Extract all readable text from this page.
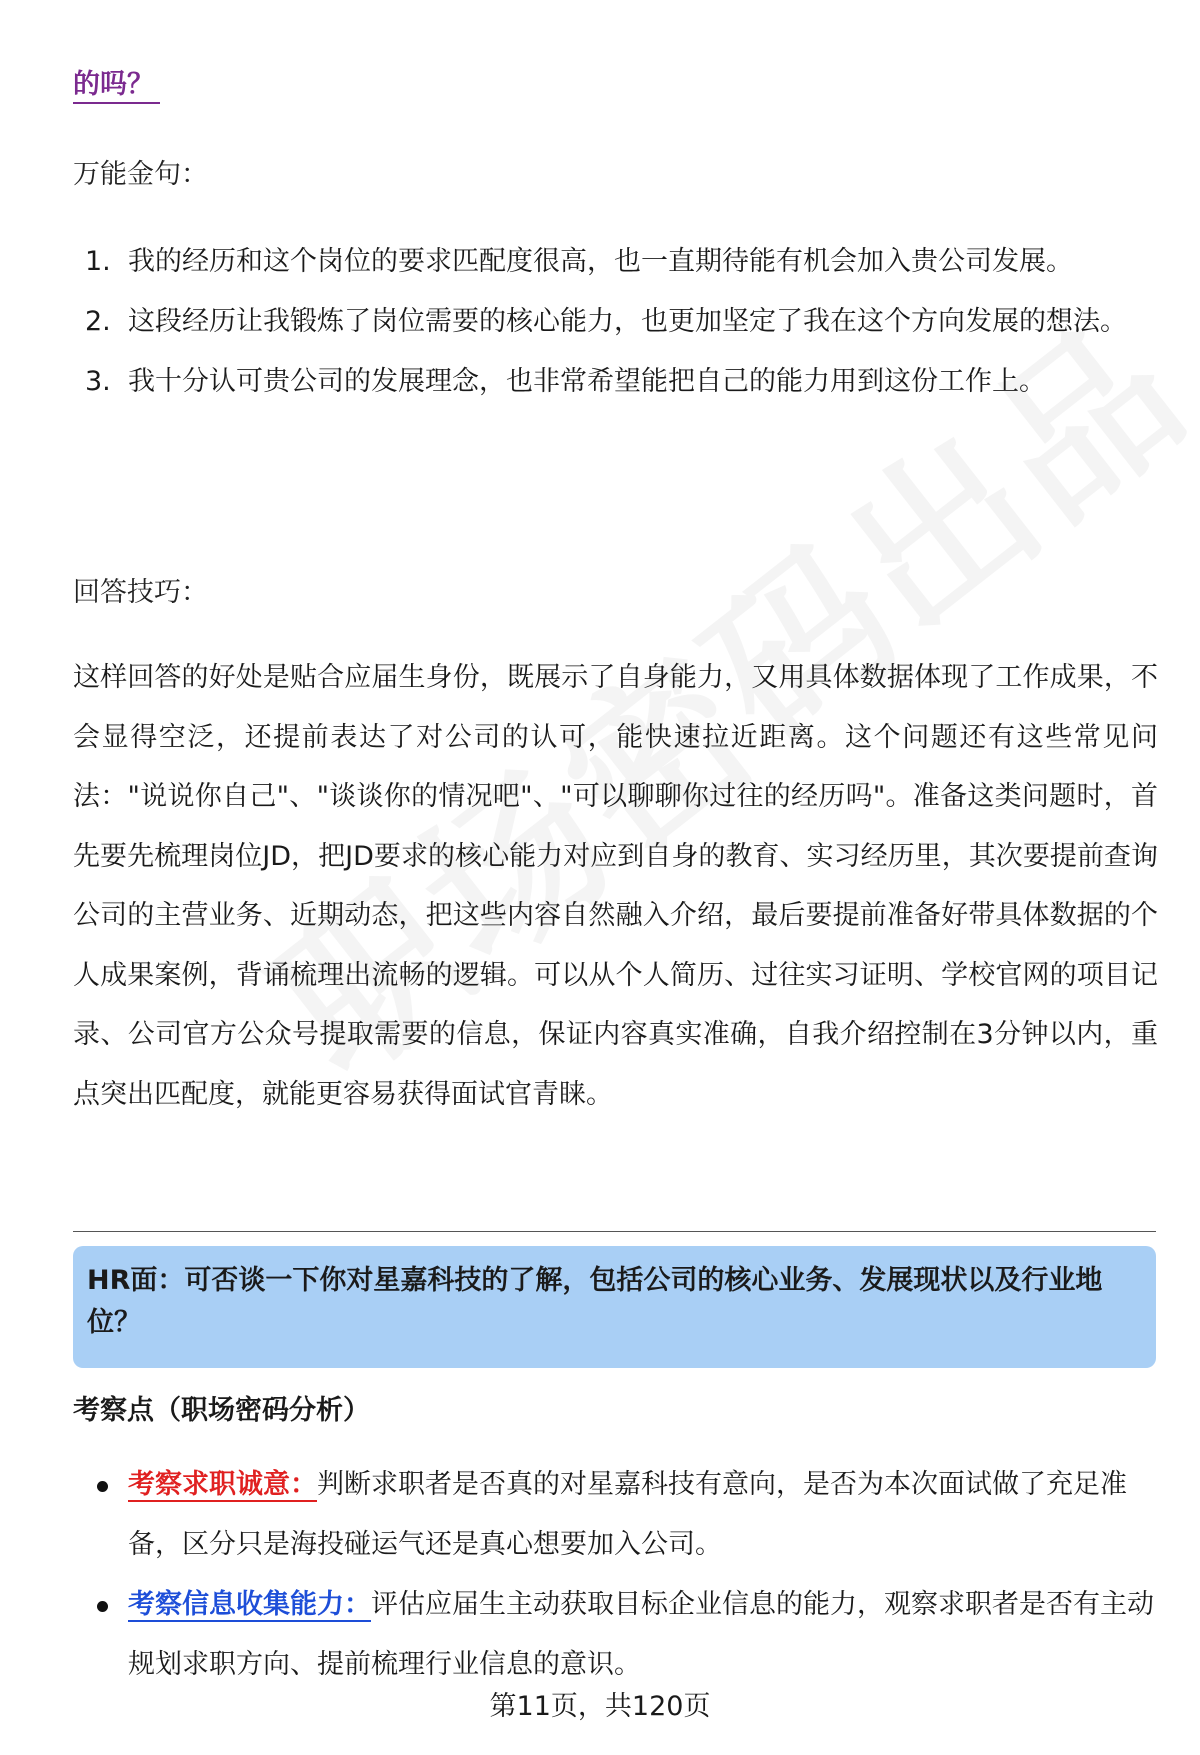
的吗？
万能金句：
1. 我的经历和这个岗位的要求匹配度很高，也一直期待能有机会加入贵公司发展。
2. 这段经历让我锻炼了岗位需要的核心能力，也更加坚定了我在这个方向发展的想法。
3. 我十分认可贵公司的发展理念，也非常希望能把自己的能力用到这份工作上。
回答技巧：

这样回答的好处是贴合应届生身份，既展示了自身能力，又用具体数据体现了工作成果，不会显得空泛，还提前表达了对公司的认可，能快速拉近距离。这个问题还有这些常见问法："说说你自己"、"谈谈你的情况吧"、"可以聊聊你过往的经历吗"。准备这类问题时，首先要先梳理岗位JD，把JD要求的核心能力对应到自身的教育、实习经历里，其次要提前查询公司的主营业务、近期动态，把这些内容自然融入介绍，最后要提前准备好带具体数据的个人成果案例，背诵梳理出流畅的逻辑。可以从个人简历、过往实习证明、学校官网的项目记录、公司官方公众号提取需要的信息，保证内容真实准确，自我介绍控制在3分钟以内，重点突出匹配度，就能更容易获得面试官青睐。

HR面：可否谈一下你对星嘉科技的了解，包括公司的核心业务、发展现状以及行业地位？
考察点（职场密码分析）
考察求职诚意：判断求职者是否真的对星嘉科技有意向，是否为本次面试做了充足准备，区分只是海投碰运气还是真心想要加入公司。
考察信息收集能力：评估应届生主动获取目标企业信息的能力，观察求职者是否有主动规划求职方向、提前梳理行业信息的意识。
第11页，共120页
